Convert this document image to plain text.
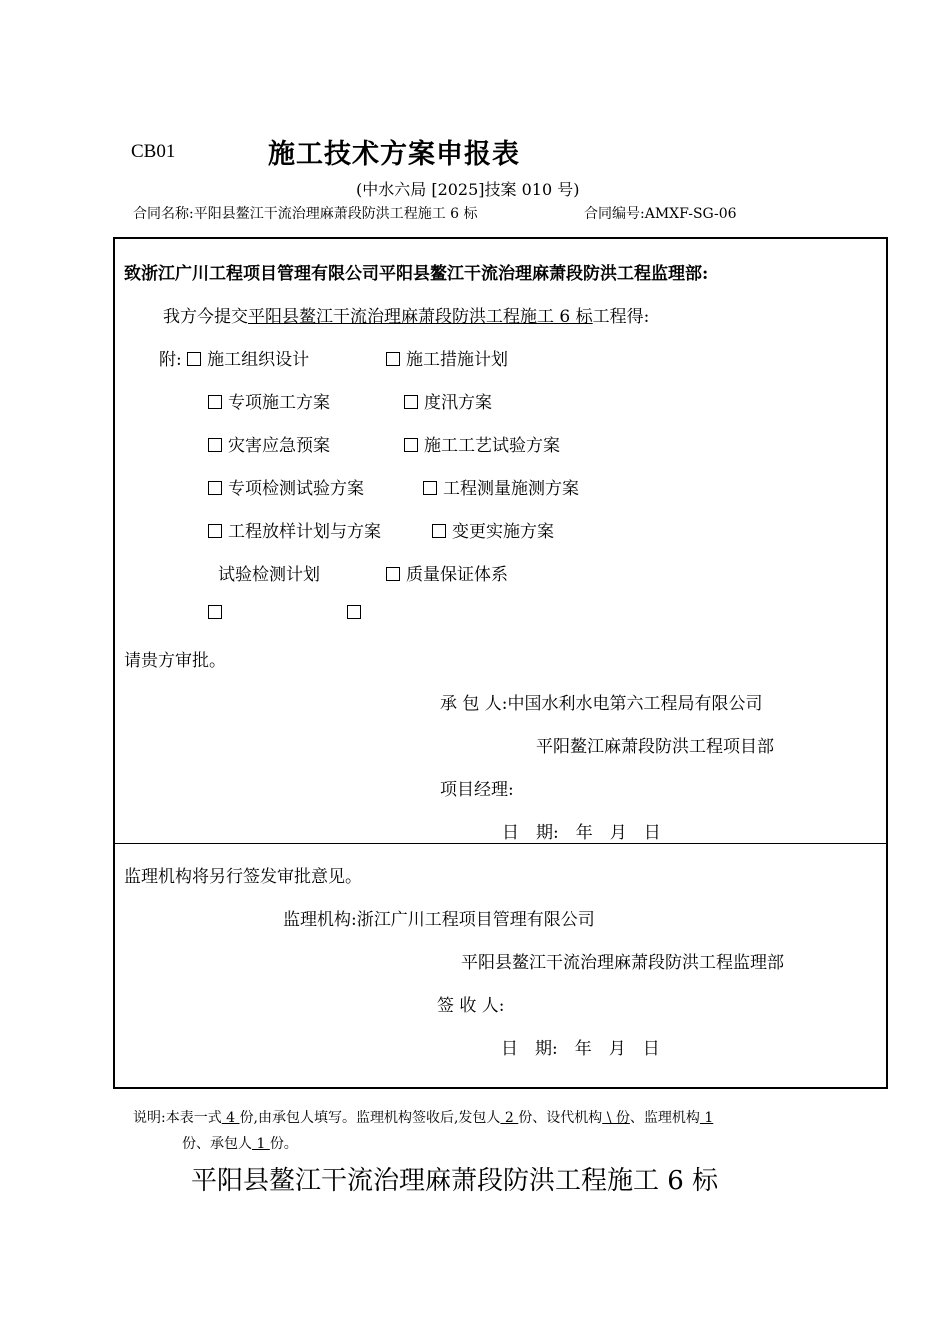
CB01	施工技术方案申报表
(中水六局 [2025]技案 010 号)
合同名称:平阳县鳌江干流治理麻萧段防洪工程施工 6 标	合同编号:AMXF-SG-06
致浙江广川工程项目管理有限公司平阳县鳌江干流治理麻萧段防洪工程监理部:
我方今提交平阳县鳌江干流治理麻萧段防洪工程施工 6 标工程得:
附: 施工组织设计	施工措施计划
专项施工方案	度汛方案
灾害应急预案	施工工艺试验方案
专项检测试验方案	工程测量施测方案
工程放样计划与方案	变更实施方案
试验检测计划	质量保证体系
请贵方审批。
承 包 人:中国水利水电第六工程局有限公司
平阳鳌江麻萧段防洪工程项目部
项目经理:
日　期:　年　月　日
监理机构将另行签发审批意见。
监理机构:浙江广川工程项目管理有限公司
平阳县鳌江干流治理麻萧段防洪工程监理部
签 收 人:
日　期:　年　月　日
说明:本表一式 4 份,由承包人填写。监理机构签收后,发包人 2 份、设代机构 \ 份、监理机构 1
份、承包人 1 份。
平阳县鳌江干流治理麻萧段防洪工程施工 6 标
